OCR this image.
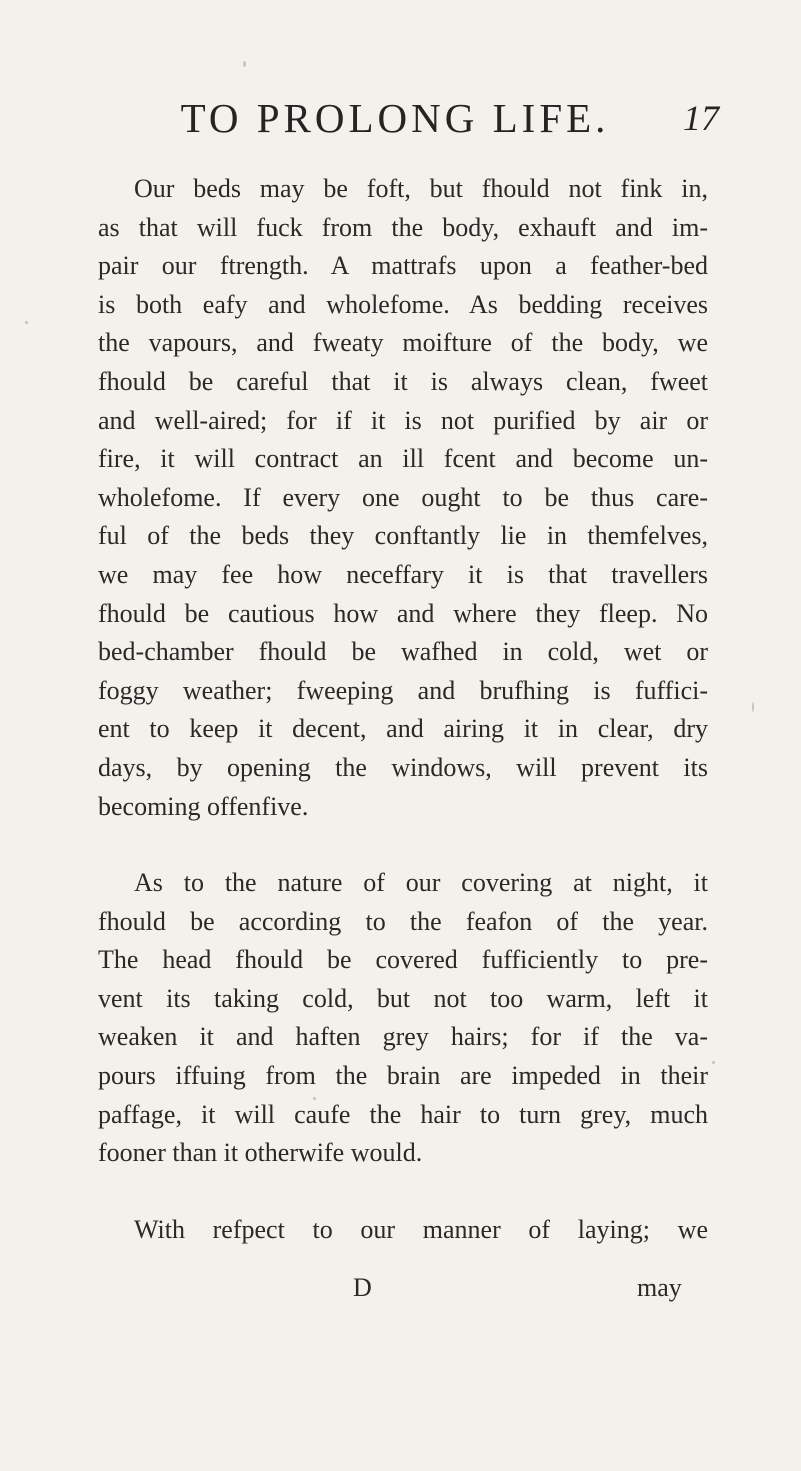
TO PROLONG LIFE.	17
Our beds may be foft, but fhould not fink in,
as that will fuck from the body, exhauft and im-
pair our ftrength. A mattrafs upon a feather-bed
is both eafy and wholefome. As bedding receives
the vapours, and fweaty moifture of the body, we
fhould be careful that it is always clean, fweet
and well-aired; for if it is not purified by air or
fire, it will contract an ill fcent and become un-
wholefome. If every one ought to be thus care-
ful of the beds they conftantly lie in themfelves,
we may fee how neceffary it is that travellers
fhould be cautious how and where they fleep. No
bed-chamber fhould be wafhed in cold, wet or
foggy weather; fweeping and brufhing is fuffici-
ent to keep it decent, and airing it in clear, dry
days, by opening the windows, will prevent its
becoming offenfive.
As to the nature of our covering at night, it
fhould be according to the feafon of the year.
The head fhould be covered fufficiently to pre-
vent its taking cold, but not too warm, left it
weaken it and haften grey hairs; for if the va-
pours iffuing from the brain are impeded in their
paffage, it will caufe the hair to turn grey, much
fooner than it otherwife would.
With refpect to our manner of laying; we
D	may
